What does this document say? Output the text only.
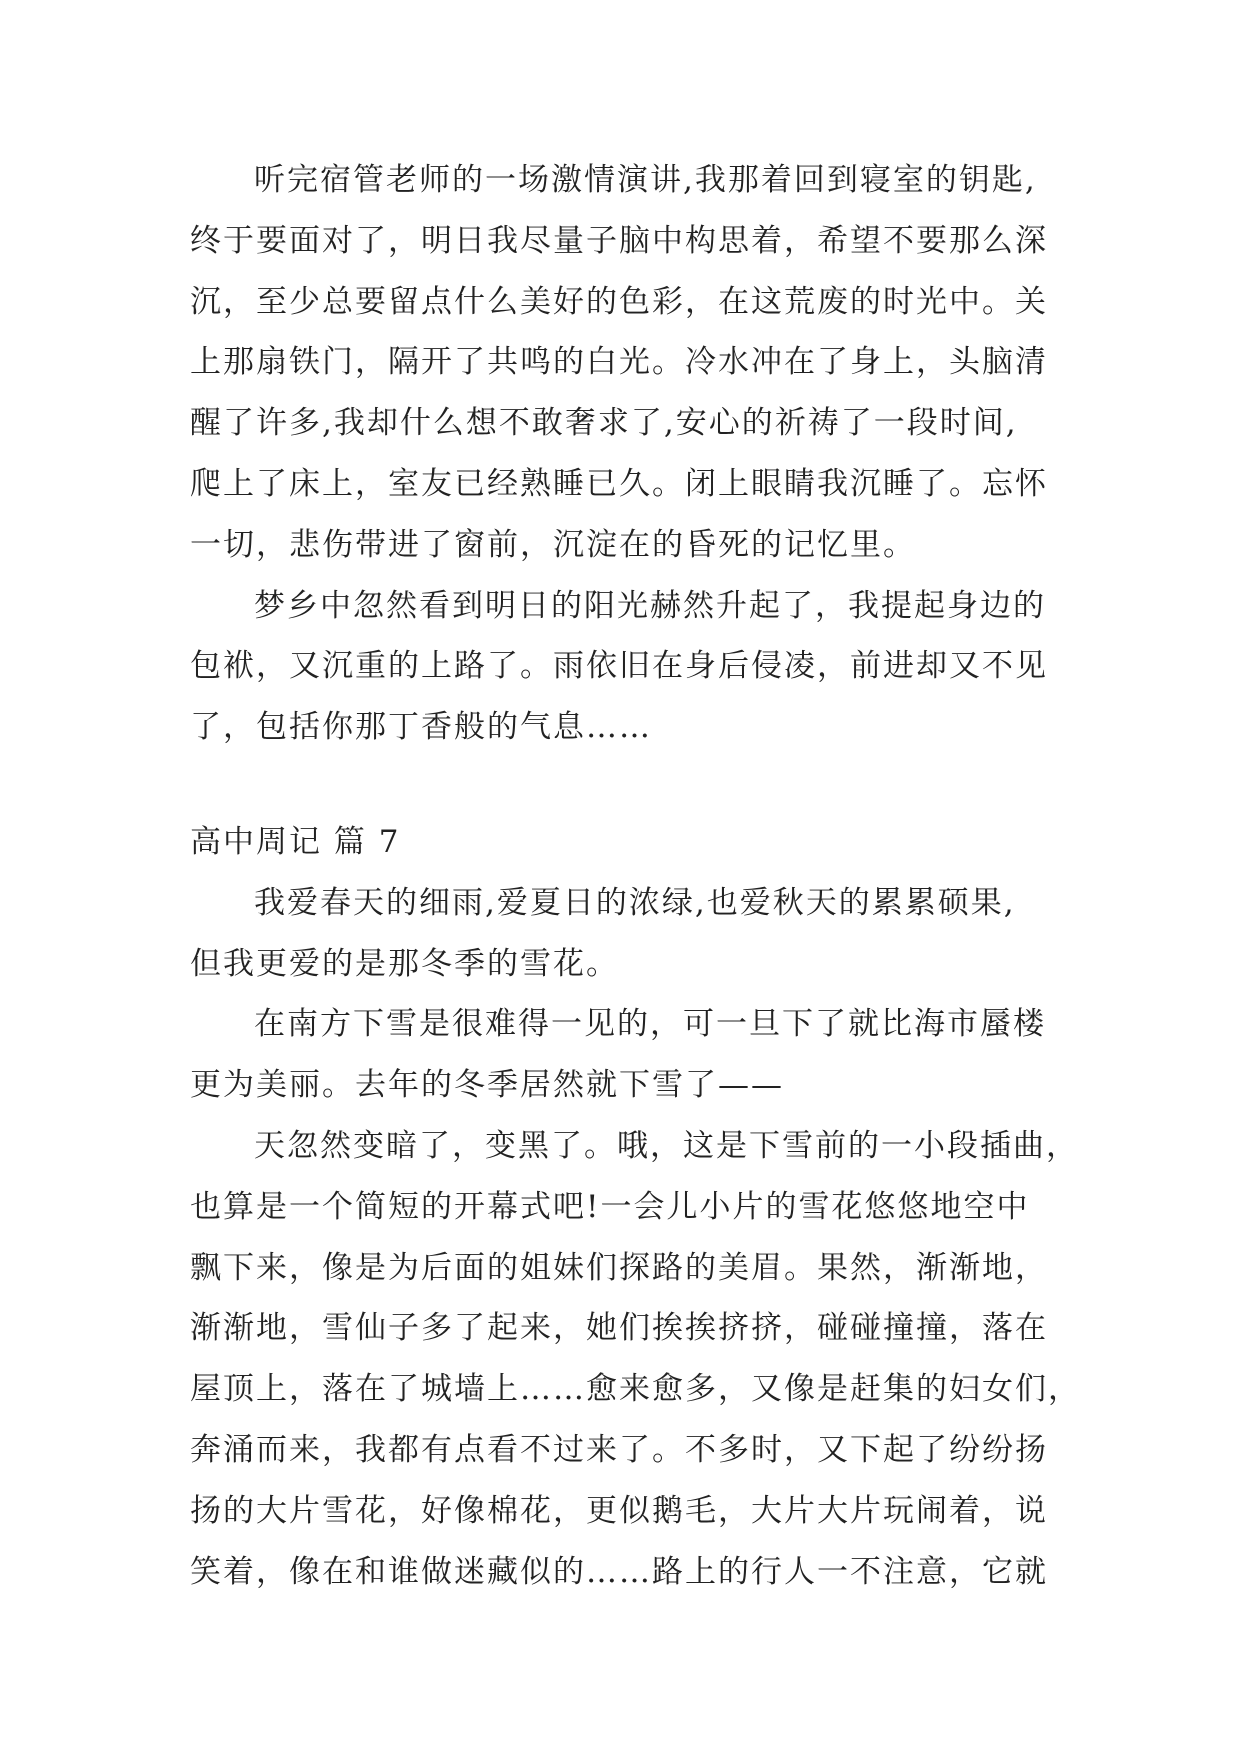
听完宿管老师的一场激情演讲,我那着回到寝室的钥匙,
终于要面对了，明日我尽量子脑中构思着，希望不要那么深
沉，至少总要留点什么美好的色彩，在这荒废的时光中。关
上那扇铁门，隔开了共鸣的白光。冷水冲在了身上，头脑清
醒了许多,我却什么想不敢奢求了,安心的祈祷了一段时间,
爬上了床上，室友已经熟睡已久。闭上眼睛我沉睡了。忘怀
一切，悲伤带进了窗前，沉淀在的昏死的记忆里。
梦乡中忽然看到明日的阳光赫然升起了，我提起身边的
包袱，又沉重的上路了。雨依旧在身后侵凌，前进却又不见
了，包括你那丁香般的气息……
高中周记 篇 7
我爱春天的细雨,爱夏日的浓绿,也爱秋天的累累硕果,
但我更爱的是那冬季的雪花。
在南方下雪是很难得一见的，可一旦下了就比海市蜃楼
更为美丽。去年的冬季居然就下雪了——
天忽然变暗了，变黑了。哦，这是下雪前的一小段插曲，
也算是一个简短的开幕式吧!一会儿小片的雪花悠悠地空中
飘下来，像是为后面的姐妹们探路的美眉。果然，渐渐地，
渐渐地，雪仙子多了起来，她们挨挨挤挤，碰碰撞撞，落在
屋顶上，落在了城墙上……愈来愈多，又像是赶集的妇女们，
奔涌而来，我都有点看不过来了。不多时，又下起了纷纷扬
扬的大片雪花，好像棉花，更似鹅毛，大片大片玩闹着，说
笑着，像在和谁做迷藏似的……路上的行人一不注意，它就
